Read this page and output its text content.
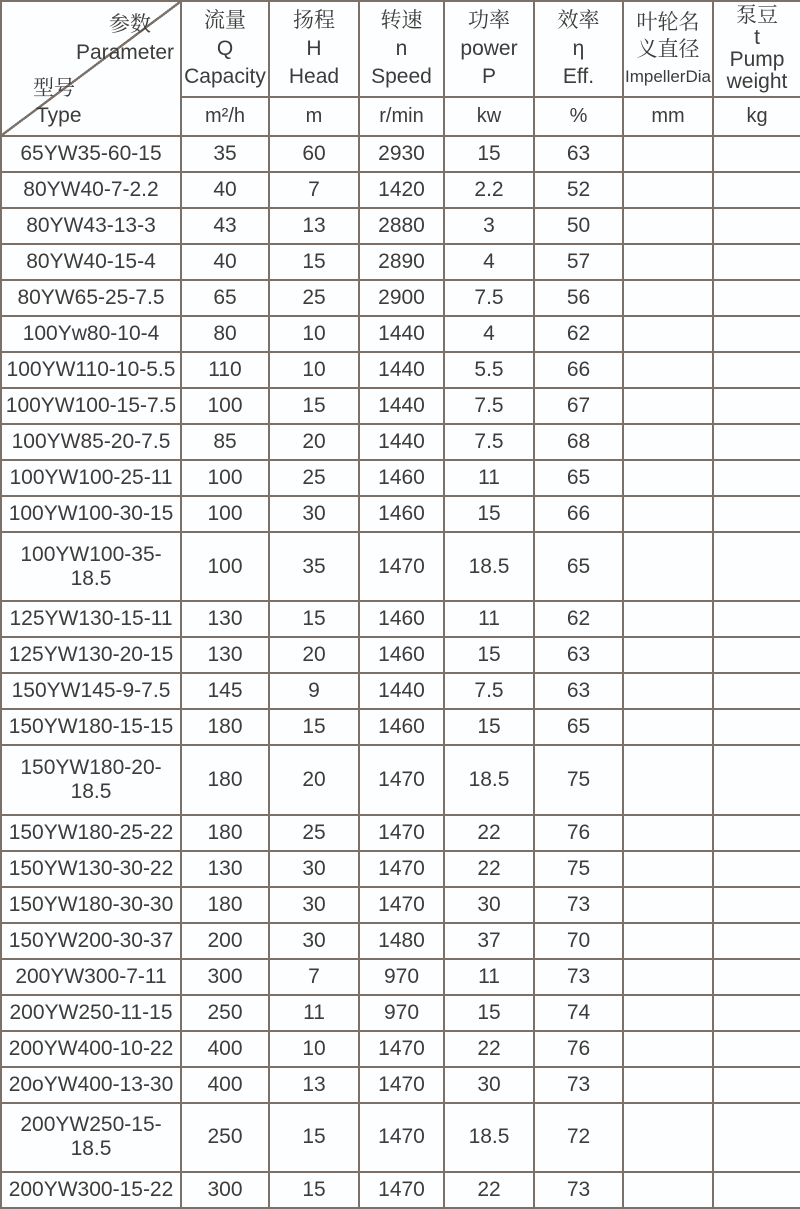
参数
Parameter
型号
Type

流量
Q
Capacity

扬程
H
Head

转速
n
Speed

功率
power
P

效率
η
Eff.

叶轮名
义直径
ImpellerDia

泵豆
t
Pump
weight

	m²/h	m	r/min	kw	%	mm	kg
65YW35-60-15	35	60	2930	15	63		
80YW40-7-2.2	40	7	1420	2.2	52		
80YW43-13-3	43	13	2880	3	50		
80YW40-15-4	40	15	2890	4	57		
80YW65-25-7.5	65	25	2900	7.5	56		
100Yw80-10-4	80	10	1440	4	62		
100YW110-10-5.5	110	10	1440	5.5	66		
100YW100-15-7.5	100	15	1440	7.5	67		
100YW85-20-7.5	85	20	1440	7.5	68		
100YW100-25-11	100	25	1460	11	65		
100YW100-30-15	100	30	1460	15	66		
100YW100-35-18.5	100	35	1470	18.5	65		
125YW130-15-11	130	15	1460	11	62		
125YW130-20-15	130	20	1460	15	63		
150YW145-9-7.5	145	9	1440	7.5	63		
150YW180-15-15	180	15	1460	15	65		
150YW180-20-18.5	180	20	1470	18.5	75		
150YW180-25-22	180	25	1470	22	76		
150YW130-30-22	130	30	1470	22	75		
150YW180-30-30	180	30	1470	30	73		
150YW200-30-37	200	30	1480	37	70		
200YW300-7-11	300	7	970	11	73		
200YW250-11-15	250	11	970	15	74		
200YW400-10-22	400	10	1470	22	76		
20oYW400-13-30	400	13	1470	30	73		
200YW250-15-18.5	250	15	1470	18.5	72		
200YW300-15-22	300	15	1470	22	73		
